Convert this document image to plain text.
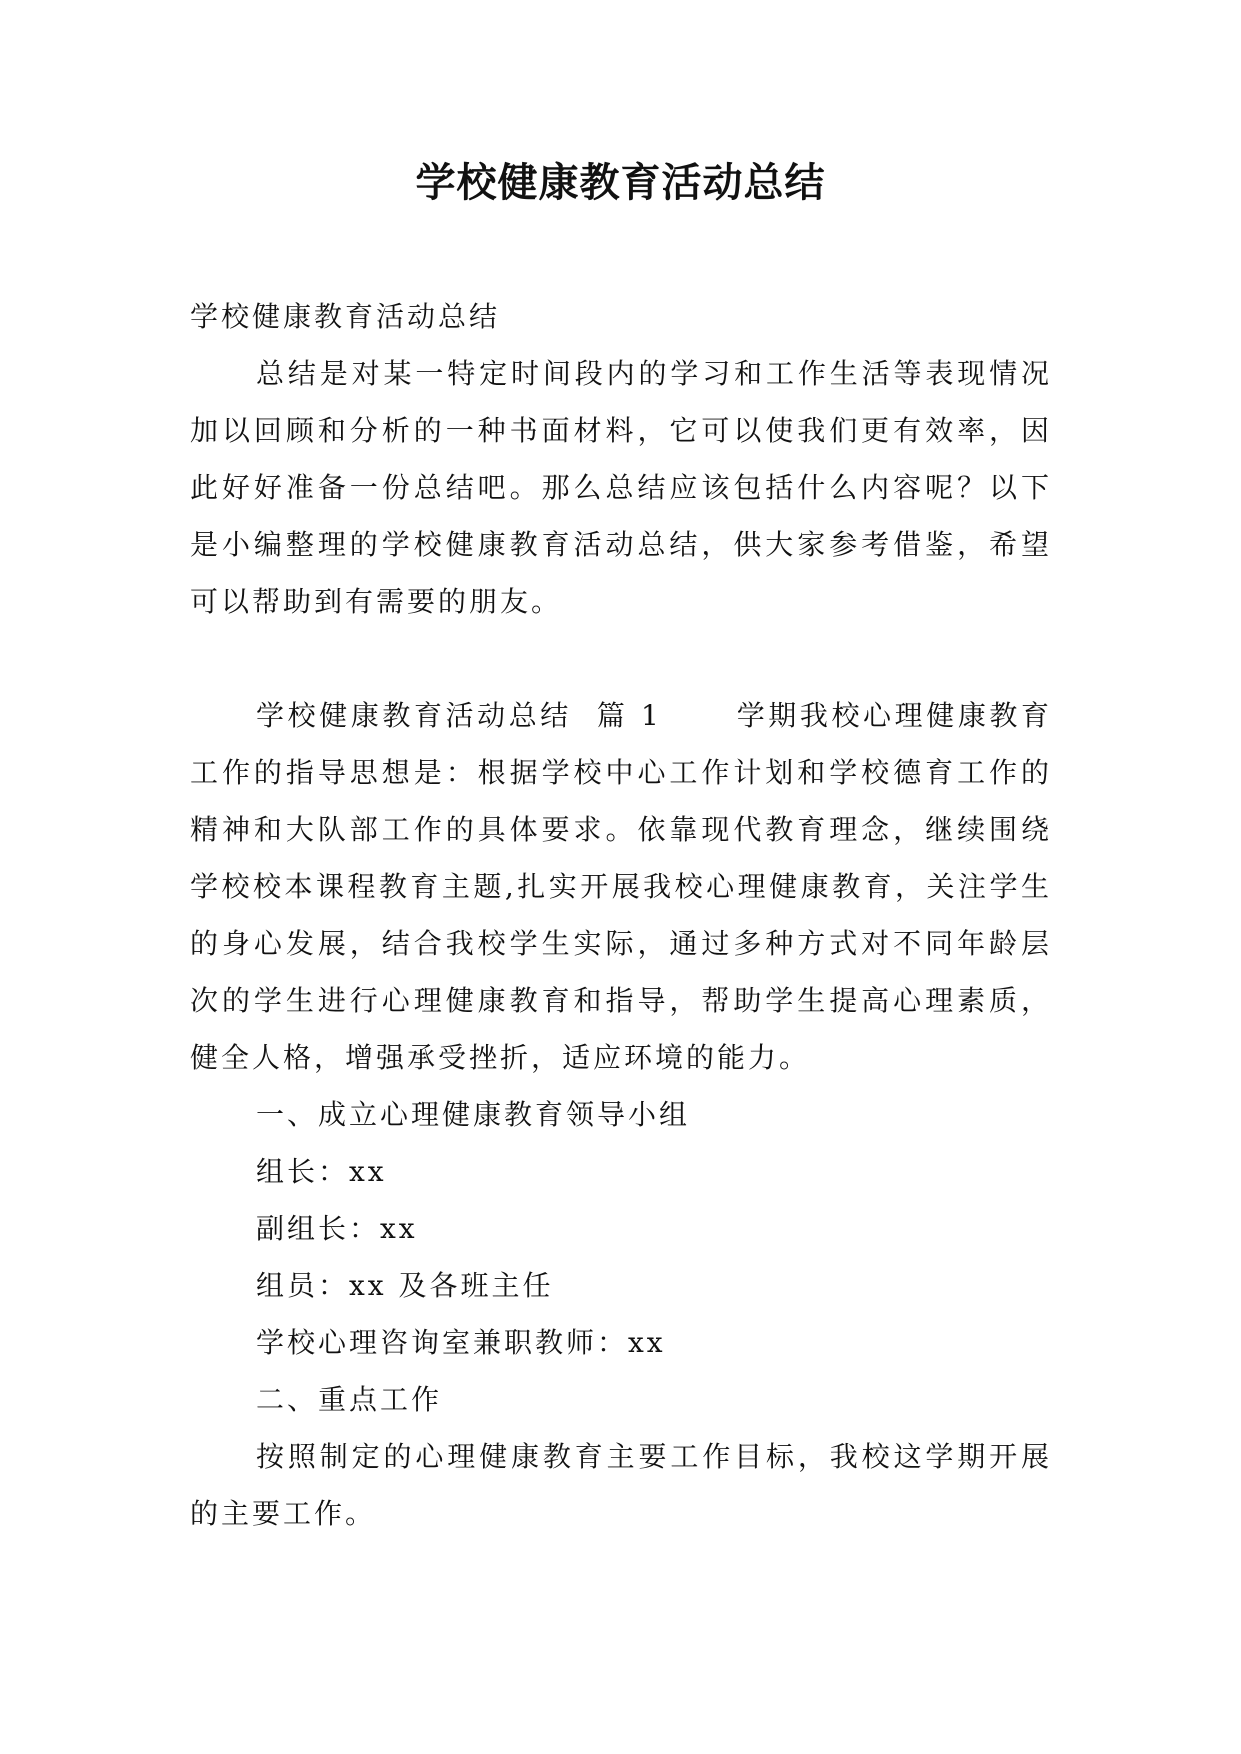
学校健康教育活动总结

学校健康教育活动总结

总结是对某一特定时间段内的学习和工作生活等表现情况加以回顾和分析的一种书面材料，它可以使我们更有效率，因此好好准备一份总结吧。那么总结应该包括什么内容呢？以下是小编整理的学校健康教育活动总结，供大家参考借鉴，希望可以帮助到有需要的朋友。

学校健康教育活动总结  篇 1      学期我校心理健康教育工作的指导思想是：根据学校中心工作计划和学校德育工作的精神和大队部工作的具体要求。依靠现代教育理念，继续围绕学校校本课程教育主题,扎实开展我校心理健康教育，关注学生的身心发展，结合我校学生实际，通过多种方式对不同年龄层次的学生进行心理健康教育和指导，帮助学生提高心理素质，健全人格，增强承受挫折，适应环境的能力。

一、成立心理健康教育领导小组

组长：xx

副组长：xx

组员：xx 及各班主任

学校心理咨询室兼职教师：xx

二、重点工作

按照制定的心理健康教育主要工作目标，我校这学期开展的主要工作。
